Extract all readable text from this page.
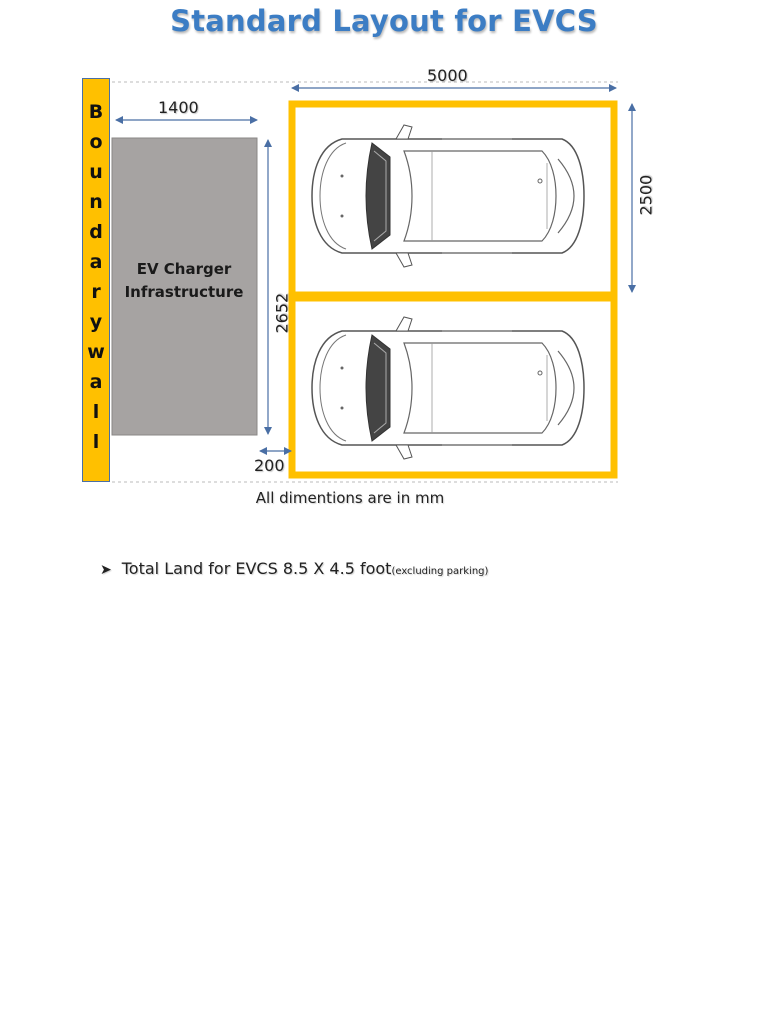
Standard Layout for EVCS
B
o
u
n
d
a
r
y
w
a
l
l
EV Charger
Infrastructure
5000
1400
2500
2652
200
All dimentions are in mm
➤ Total Land for EVCS 8.5 X 4.5 foot(excluding parking)
